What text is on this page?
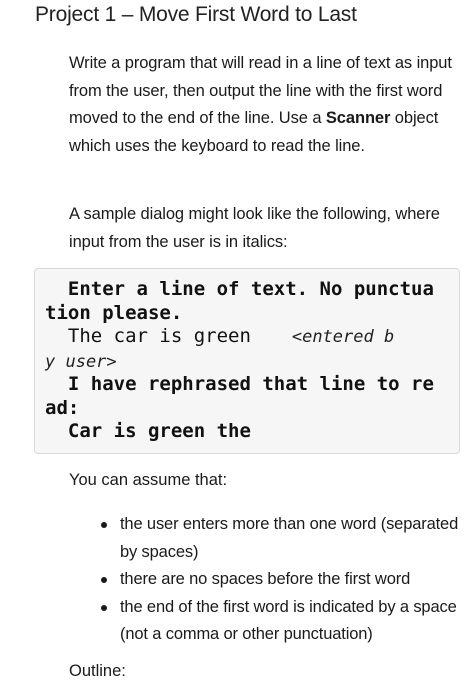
Project 1 – Move First Word to Last
Write a program that will read in a line of text as input from the user, then output the line with the first word moved to the end of the line. Use a Scanner object which uses the keyboard to read the line.
A sample dialog might look like the following, where input from the user is in italics:
Enter a line of text. No punctua
tion please.
The car is green    <entered b
y user>
I have rephrased that line to re
ad:
Car is green the
You can assume that:
the user enters more than one word (separated by spaces)
there are no spaces before the first word
the end of the first word is indicated by a space (not a comma or other punctuation)
Outline:
